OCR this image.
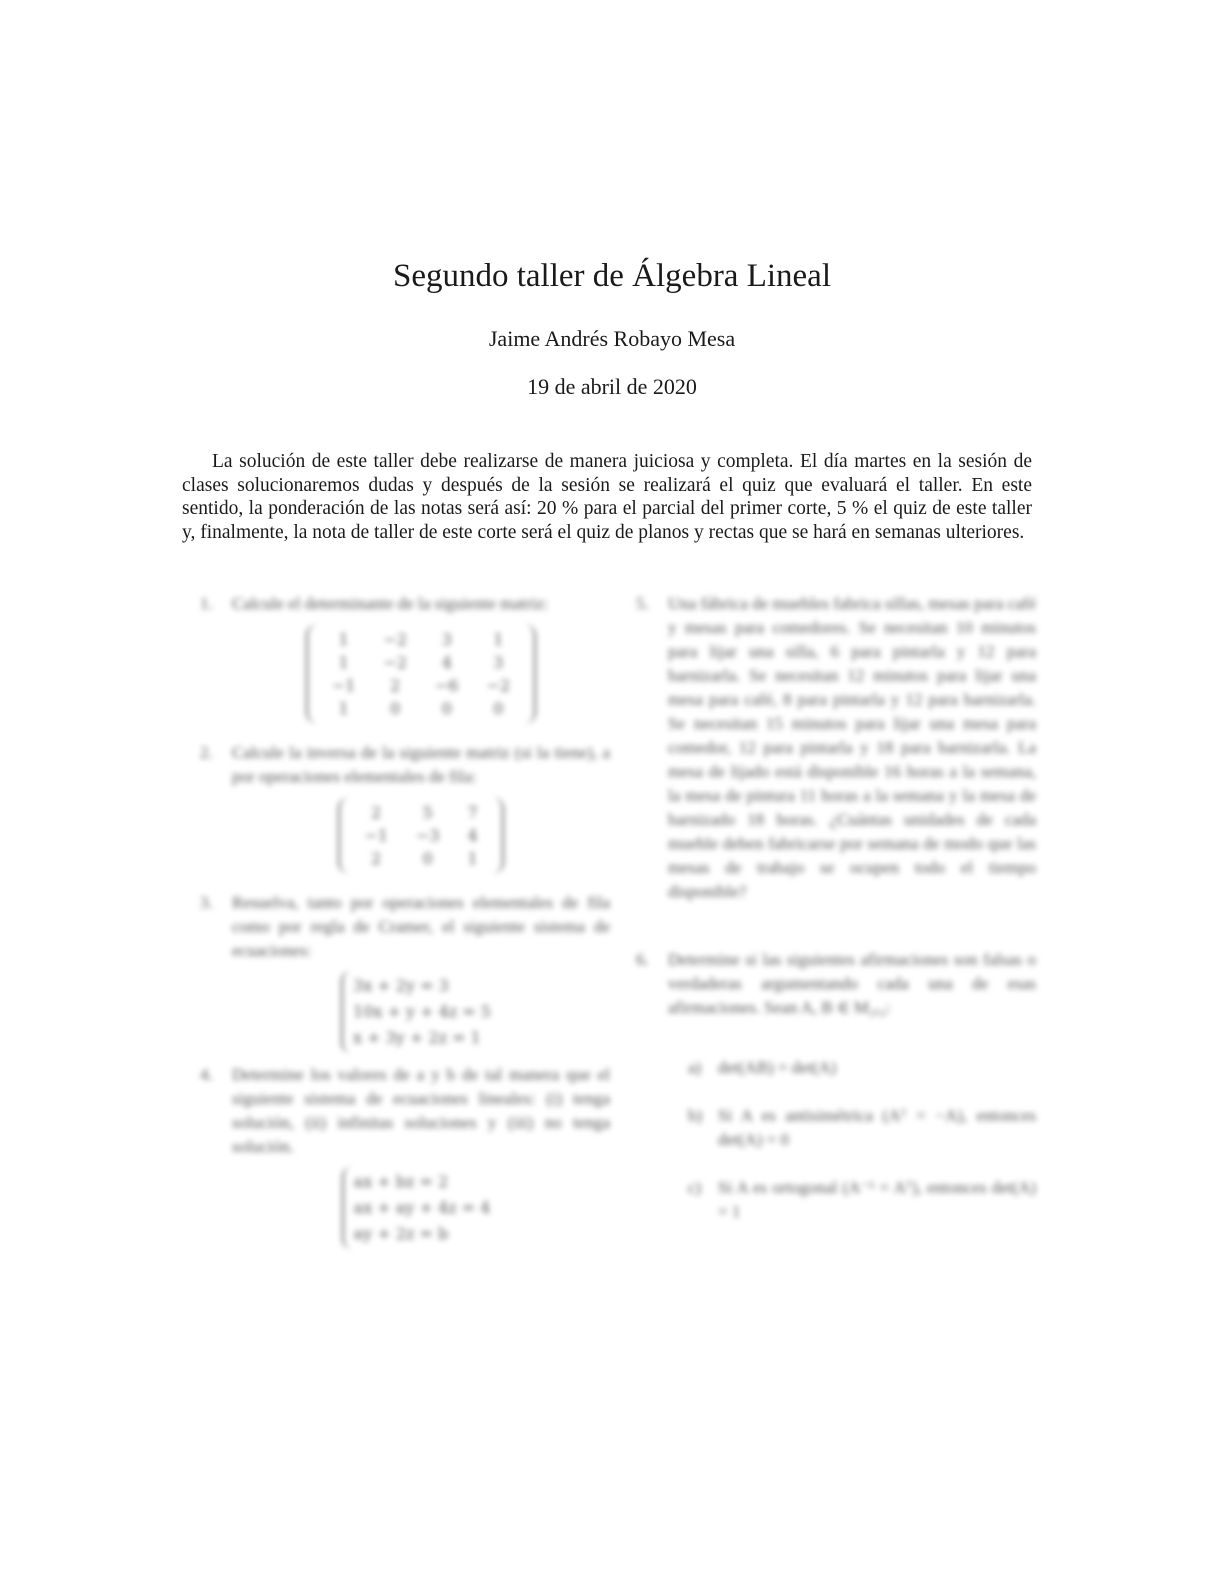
Segundo taller de Álgebra Lineal
Jaime Andrés Robayo Mesa
19 de abril de 2020
La solución de este taller debe realizarse de manera juiciosa y completa. El día martes en la sesión de clases solucionaremos dudas y después de la sesión se realizará el quiz que evaluará el taller. En este sentido, la ponderación de las notas será así: 20 % para el parcial del primer corte, 5 % el quiz de este taller y, finalmente, la nota de taller de este corte será el quiz de planos y rectas que se hará en semanas ulteriores.
1. Calcule el determinante de la siguiente matriz:
1	−2	3	1
1	−2	4	3
−1	2	−6	−2
1	0	0	0
2. Calcule la inversa de la siguiente matriz (si la tiene), a por operaciones elementales de fila:
2	5	7
−1	−3	4
2	0	1
3. Resuelva, tanto por operaciones elementales de fila como por regla de Cramer, el siguiente sistema de ecuaciones:
3x + 2y = 3
10x + y + 4z = 5
x + 3y + 2z = 1
4. Determine los valores de a y b de tal manera que el siguiente sistema de ecuaciones lineales: (i) tenga solución, (ii) infinitas soluciones y (iii) no tenga solución.
ax + bz = 2
ax + ay + 4z = 4
ay + 2z = b
5. Una fábrica de muebles fabrica sillas, mesas para café y mesas para comedores. Se necesitan 10 minutos para lijar una silla, 6 para pintarla y 12 para barnizarla. Se necesitan 12 minutos para lijar una mesa para café, 8 para pintarla y 12 para barnizarla. Se necesitan 15 minutos para lijar una mesa para comedor, 12 para pintarla y 18 para barnizarla. La mesa de lijado está disponible 16 horas a la semana, la mesa de pintura 11 horas a la semana y la mesa de barnizado 18 horas. ¿Cuántas unidades de cada mueble deben fabricarse por semana de modo que las mesas de trabajo se ocupen todo el tiempo disponible?
6. Determine si las siguientes afirmaciones son falsas o verdaderas argumentando cada una de esas afirmaciones. Sean A, B ∈ M₂ₓ₂:
a) det(AB) = det(A)
b) Si A es antisimétrica (Aᵀ = −A), entonces det(A) = 0
c) Si A es ortogonal (A⁻¹ = Aᵀ), entonces det(A) = 1
